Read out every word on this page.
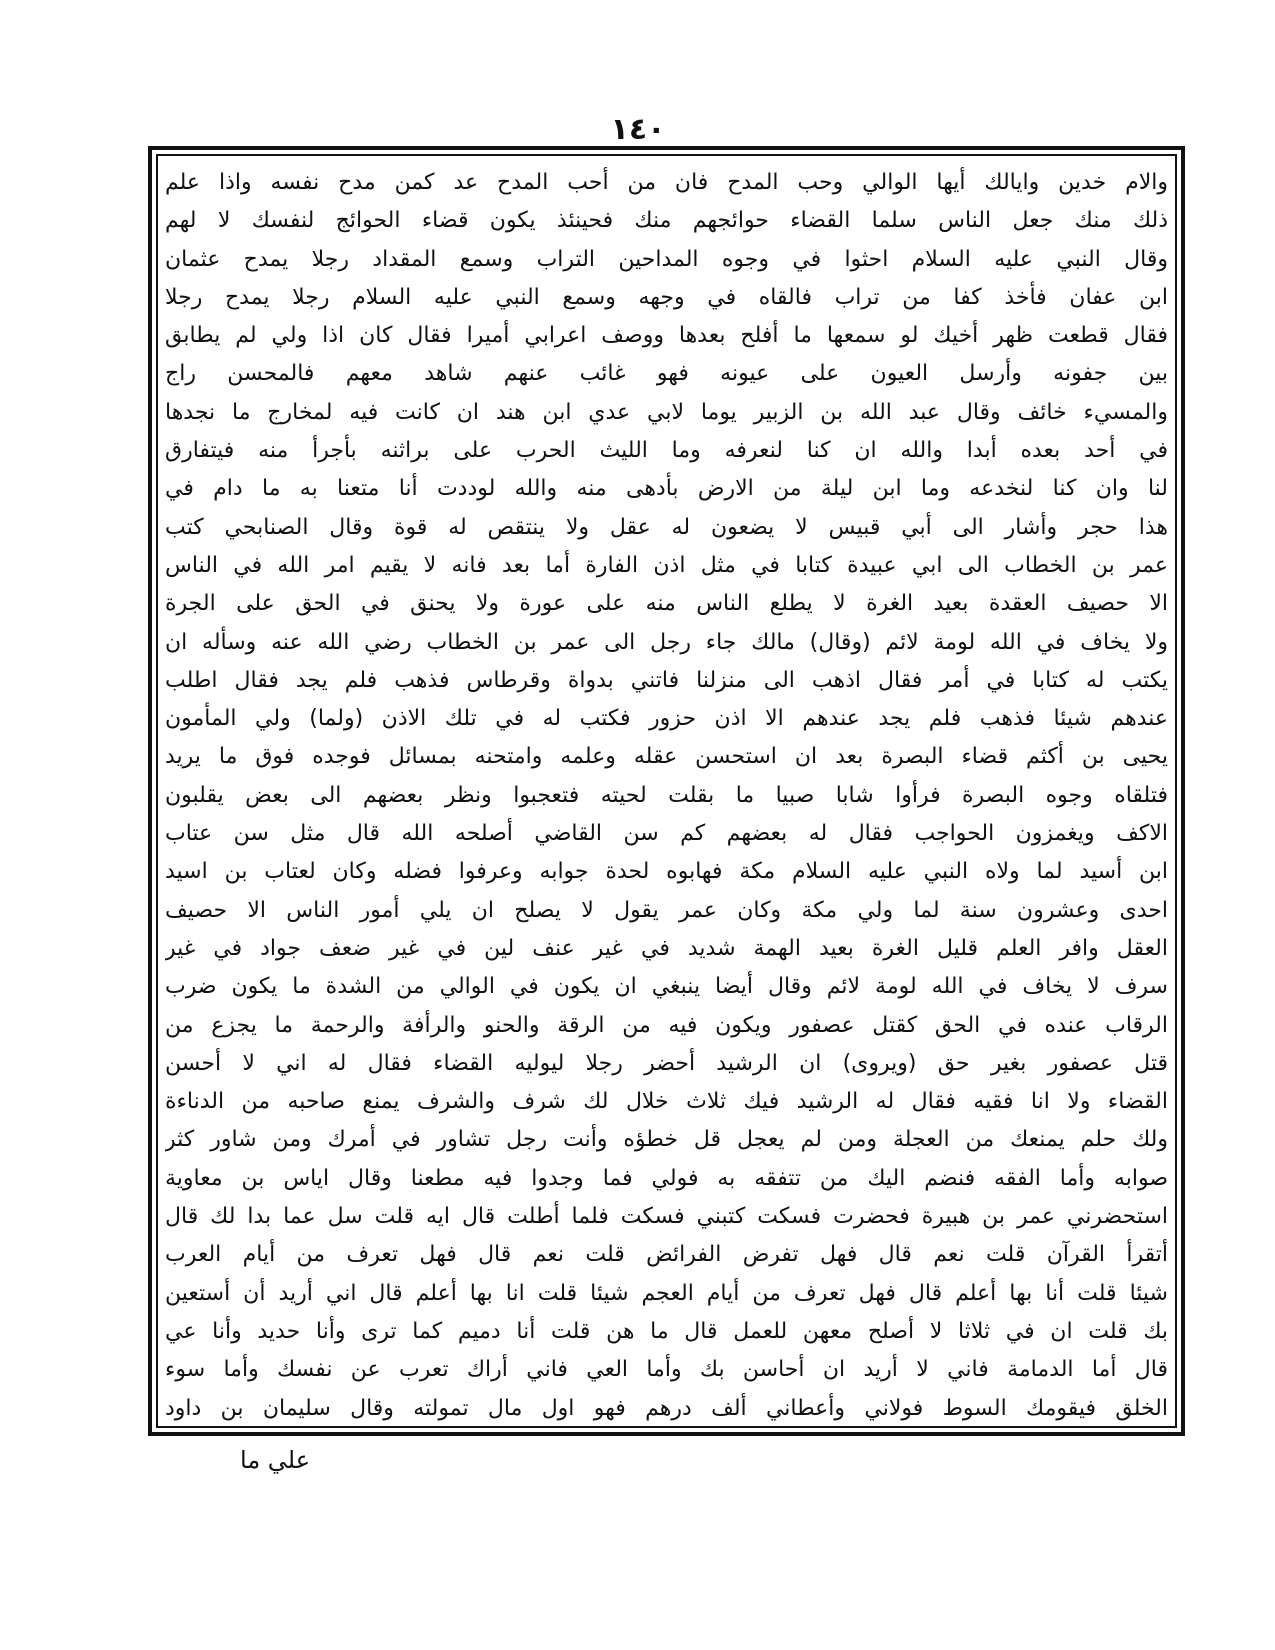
١٤٠
والام خدين وايالك أيها الوالي وحب المدح فان من أحب المدح عد كمن مدح نفسه واذا علم
ذلك منك جعل الناس سلما القضاء حوائجهم منك فحينئذ يكون قضاء الحوائج لنفسك لا لهم
وقال النبي عليه السلام احثوا في وجوه المداحين التراب وسمع المقداد رجلا يمدح عثمان
ابن عفان فأخذ كفا من تراب فالقاه في وجهه وسمع النبي عليه السلام رجلا يمدح رجلا
فقال قطعت ظهر أخيك لو سمعها ما أفلح بعدها ووصف اعرابي أميرا فقال كان اذا ولي لم يطابق
بين جفونه وأرسل العيون على عيونه فهو غائب عنهم شاهد معهم فالمحسن راج
والمسيء خائف وقال عبد الله بن الزبير يوما لابي عدي ابن هند ان كانت فيه لمخارج ما نجدها
في أحد بعده أبدا والله ان كنا لنعرفه وما الليث الحرب على براثنه بأجرأ منه فيتفارق
لنا وان كنا لنخدعه وما ابن ليلة من الارض بأدهى منه والله لوددت أنا متعنا به ما دام في
هذا حجر وأشار الى أبي قبيس لا يضعون له عقل ولا ينتقص له قوة وقال الصنابحي كتب
عمر بن الخطاب الى ابي عبيدة كتابا في مثل اذن الفارة أما بعد فانه لا يقيم امر الله في الناس
الا حصيف العقدة بعيد الغرة لا يطلع الناس منه على عورة ولا يحنق في الحق على الجرة
ولا يخاف في الله لومة لائم (وقال) مالك جاء رجل الى عمر بن الخطاب رضي الله عنه وسأله ان
يكتب له كتابا في أمر فقال اذهب الى منزلنا فاتني بدواة وقرطاس فذهب فلم يجد فقال اطلب
عندهم شيئا فذهب فلم يجد عندهم الا اذن حزور فكتب له في تلك الاذن (ولما) ولي المأمون
يحيى بن أكثم قضاء البصرة بعد ان استحسن عقله وعلمه وامتحنه بمسائل فوجده فوق ما يريد
فتلقاه وجوه البصرة فرأوا شابا صبيا ما بقلت لحيته فتعجبوا ونظر بعضهم الى بعض يقلبون
الاكف ويغمزون الحواجب فقال له بعضهم كم سن القاضي أصلحه الله قال مثل سن عتاب
ابن أسيد لما ولاه النبي عليه السلام مكة فهابوه لحدة جوابه وعرفوا فضله وكان لعتاب بن اسيد
احدى وعشرون سنة لما ولي مكة وكان عمر يقول لا يصلح ان يلي أمور الناس الا حصيف
العقل وافر العلم قليل الغرة بعيد الهمة شديد في غير عنف لين في غير ضعف جواد في غير
سرف لا يخاف في الله لومة لائم وقال أيضا ينبغي ان يكون في الوالي من الشدة ما يكون ضرب
الرقاب عنده في الحق كقتل عصفور ويكون فيه من الرقة والحنو والرأفة والرحمة ما يجزع من
قتل عصفور بغير حق (ويروى) ان الرشيد أحضر رجلا ليوليه القضاء فقال له اني لا أحسن
القضاء ولا انا فقيه فقال له الرشيد فيك ثلاث خلال لك شرف والشرف يمنع صاحبه من الدناءة
ولك حلم يمنعك من العجلة ومن لم يعجل قل خطؤه وأنت رجل تشاور في أمرك ومن شاور كثر
صوابه وأما الفقه فنضم اليك من تتفقه به فولي فما وجدوا فيه مطعنا وقال اياس بن معاوية
استحضرني عمر بن هبيرة فحضرت فسكت كتبني فسكت فلما أطلت قال ايه قلت سل عما بدا لك قال
أتقرأ القرآن قلت نعم قال فهل تفرض الفرائض قلت نعم قال فهل تعرف من أيام العرب
شيئا قلت أنا بها أعلم قال فهل تعرف من أيام العجم شيئا قلت انا بها أعلم قال اني أريد أن أستعين
بك قلت ان في ثلاثا لا أصلح معهن للعمل قال ما هن قلت أنا دميم كما ترى وأنا حديد وأنا عي
قال أما الدمامة فاني لا أريد ان أحاسن بك وأما العي فاني أراك تعرب عن نفسك وأما سوء
الخلق فيقومك السوط فولاني وأعطاني ألف درهم فهو اول مال تمولته وقال سليمان بن داود
علي ما
